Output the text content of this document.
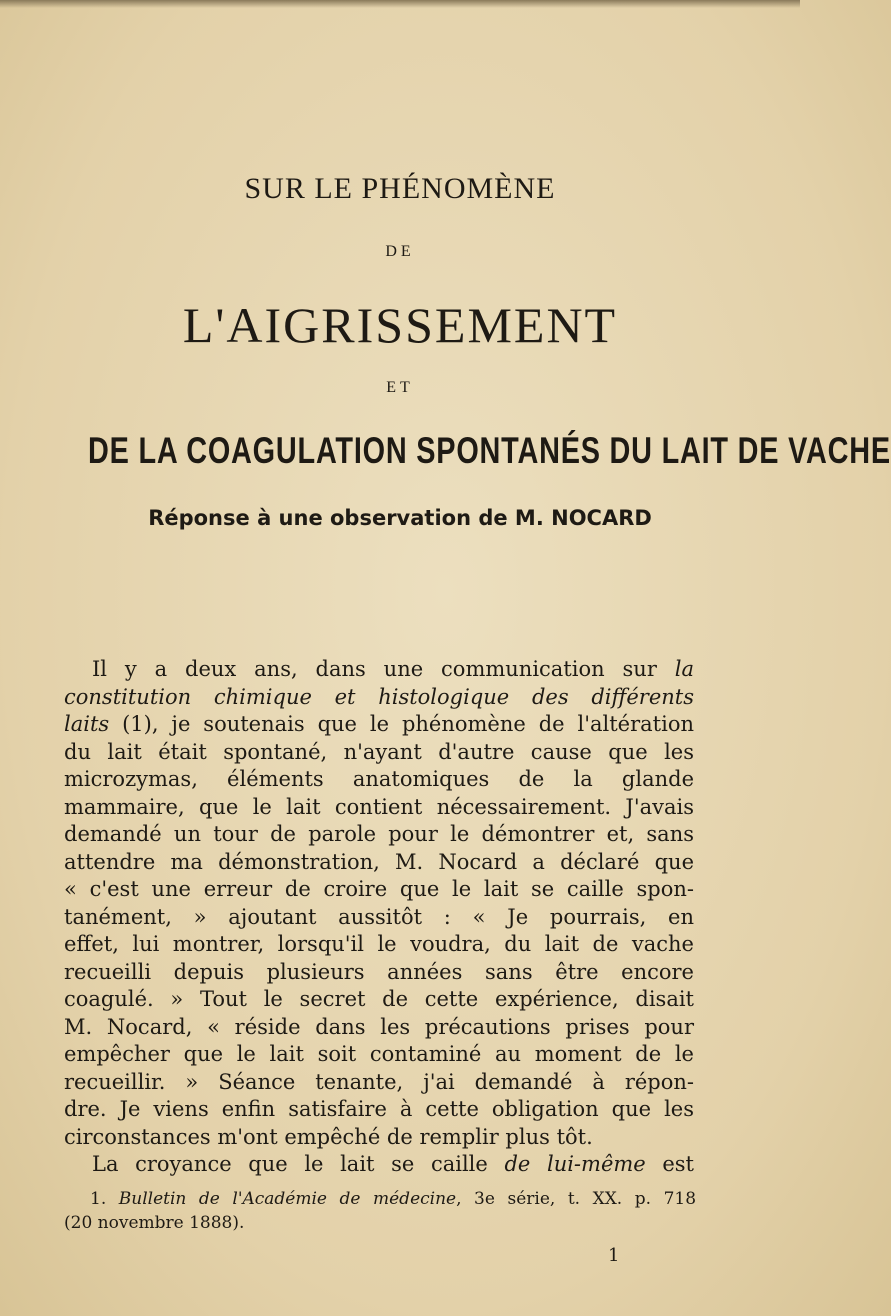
SUR LE PHÉNOMÈNE
DE
L'AIGRISSEMENT
ET
DE LA COAGULATION SPONTANÉS DU LAIT DE VACHE
Réponse à une observation de M. NOCARD
Il y a deux ans, dans une communication sur la
constitution chimique et histologique des différents
laits (1), je soutenais que le phénomène de l'altération
du lait était spontané, n'ayant d'autre cause que les
microzymas, éléments anatomiques de la glande
mammaire, que le lait contient nécessairement. J'avais
demandé un tour de parole pour le démontrer et, sans
attendre ma démonstration, M. Nocard a déclaré que
« c'est une erreur de croire que le lait se caille spon-
tanément, » ajoutant aussitôt : « Je pourrais, en
effet, lui montrer, lorsqu'il le voudra, du lait de vache
recueilli depuis plusieurs années sans être encore
coagulé. » Tout le secret de cette expérience, disait
M. Nocard, « réside dans les précautions prises pour
empêcher que le lait soit contaminé au moment de le
recueillir. » Séance tenante, j'ai demandé à répon-
dre. Je viens enfin satisfaire à cette obligation que les
circonstances m'ont empêché de remplir plus tôt.
La croyance que le lait se caille de lui-même est
1. Bulletin de l'Académie de médecine, 3e série, t. XX. p. 718
(20 novembre 1888).
1
